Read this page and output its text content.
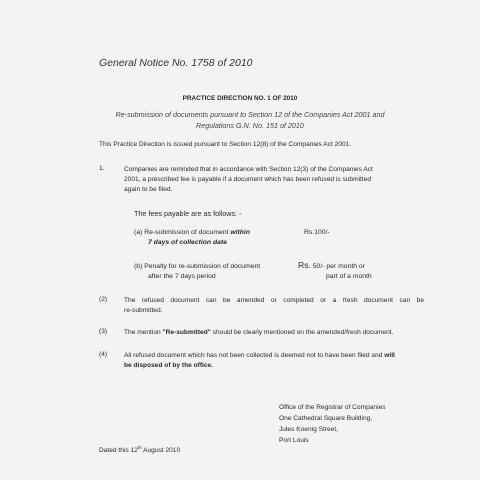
General Notice No. 1758 of 2010
PRACTICE DIRECTION NO. 1 OF 2010
Re-submission of documents pursuant to Section 12 of the Companies Act 2001 and
Regulations G.N. No. 151 of 2010
This Practice Direction is issued pursuant to Section 12(8) of the Companies Act 2001.
1.	Companies are reminded that in accordance with Section 12(3) of the Companies Act
2001, a prescribed fee is payable if a document which has been refused is submitted
again to be filed.
The fees payable are as follows: -
(a) Re-submission of document within
7 days of collection date
Rs.100/-
(b) Penalty for re-submission of document
after the 7 days period
Rs. 50/- per month or
part of a month
(2)	The refused document can be amended or completed or a fresh document can be
re-submitted.
(3)	The mention "Re-submitted" should be clearly mentioned on the amended/fresh document.
(4)	All refused document which has not been collected is deemed not to have been filed and will
be disposed of by the office.
Office of the Registrar of Companies
One Cathedral Square Building,
Jules Koenig Street,
Port Louis
Dated this 12th August 2010
